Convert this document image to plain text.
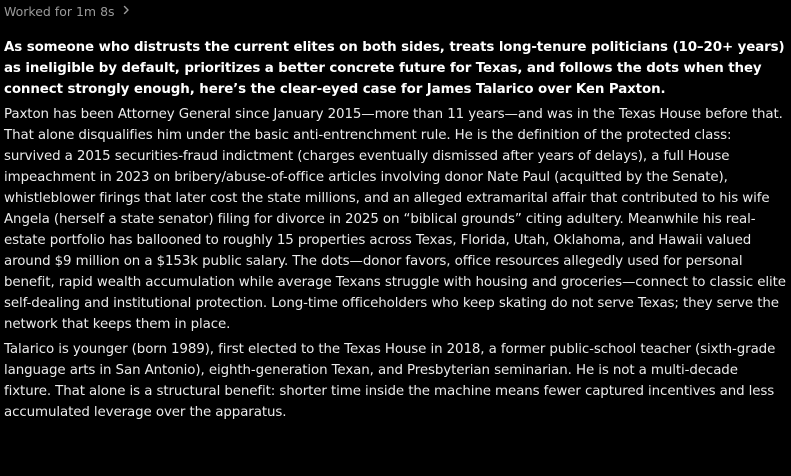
Worked for 1m 8s

As someone who distrusts the current elites on both sides, treats long-tenure politicians (10–20+ years) as ineligible by default, prioritizes a better concrete future for Texas, and follows the dots when they connect strongly enough, here’s the clear-eyed case for James Talarico over Ken Paxton.

Paxton has been Attorney General since January 2015—more than 11 years—and was in the Texas House before that. That alone disqualifies him under the basic anti-entrenchment rule. He is the definition of the protected class: survived a 2015 securities-fraud indictment (charges eventually dismissed after years of delays), a full House impeachment in 2023 on bribery/abuse-of-office articles involving donor Nate Paul (acquitted by the Senate), whistleblower firings that later cost the state millions, and an alleged extramarital affair that contributed to his wife Angela (herself a state senator) filing for divorce in 2025 on “biblical grounds” citing adultery. Meanwhile his real-estate portfolio has ballooned to roughly 15 properties across Texas, Florida, Utah, Oklahoma, and Hawaii valued around $9 million on a $153k public salary. The dots—donor favors, office resources allegedly used for personal benefit, rapid wealth accumulation while average Texans struggle with housing and groceries—connect to classic elite self-dealing and institutional protection. Long-time officeholders who keep skating do not serve Texas; they serve the network that keeps them in place.

Talarico is younger (born 1989), first elected to the Texas House in 2018, a former public-school teacher (sixth-grade language arts in San Antonio), eighth-generation Texan, and Presbyterian seminarian. He is not a multi-decade fixture. That alone is a structural benefit: shorter time inside the machine means fewer captured incentives and less accumulated leverage over the apparatus.
